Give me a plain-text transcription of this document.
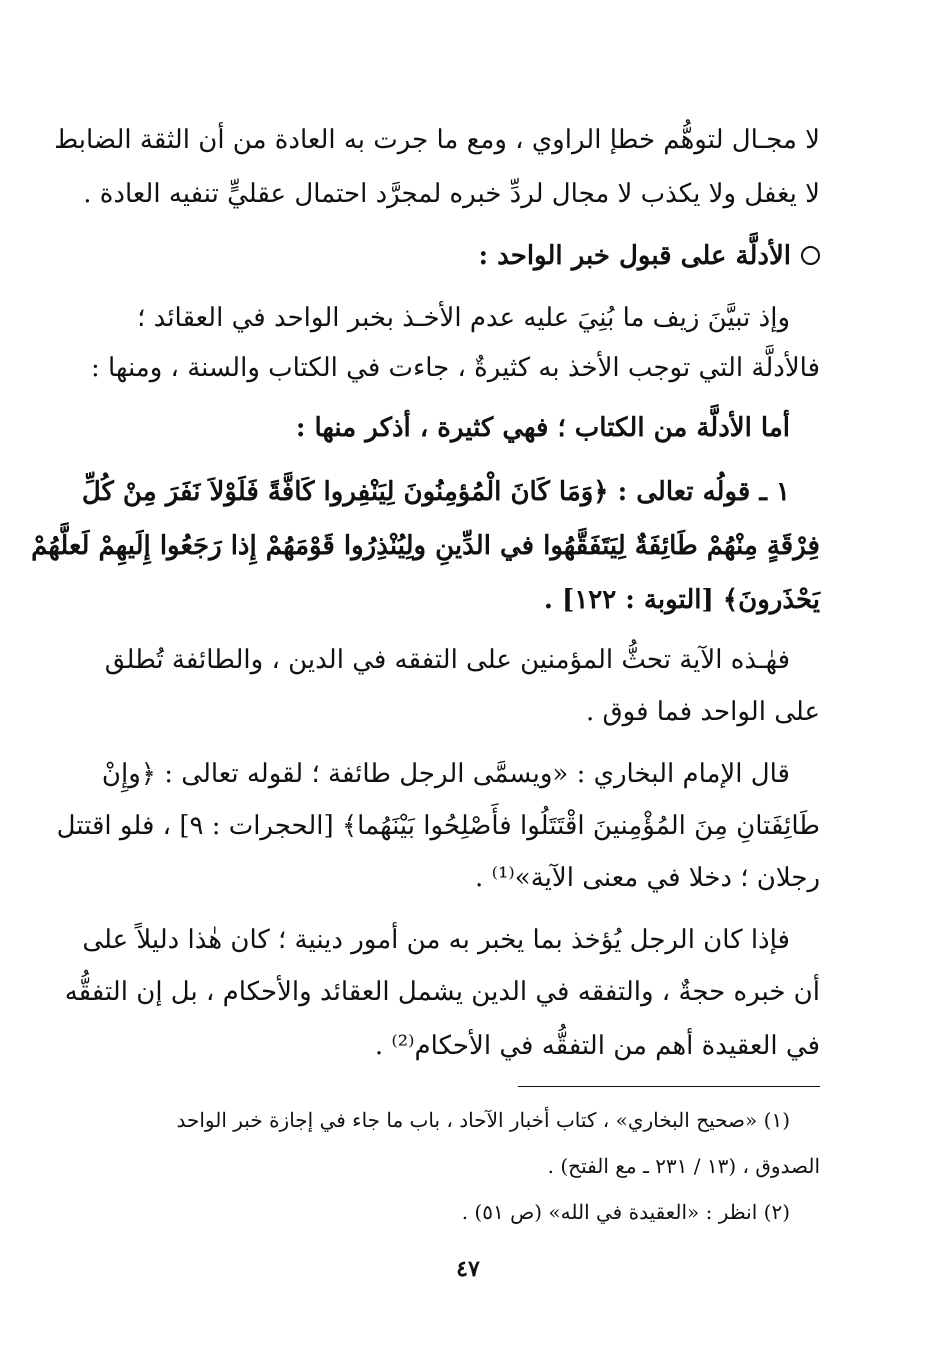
لا مجـال لتوهُّم خطإ الراوي ، ومع ما جرت به العادة من أن الثقة الضابط
لا يغفل ولا يكذب لا مجال لردِّ خبره لمجرَّد احتمال عقليٍّ تنفيه العادة .
الأدلَّة على قبول خبر الواحد :
وإذ تبيَّنَ زيف ما بُنِيَ عليه عدم الأخـذ بخبر الواحد في العقائد ؛
فالأدلَّة التي توجب الأخذ به كثيرةٌ ، جاءت في الكتاب والسنة ، ومنها :
أما الأدلَّة من الكتاب ؛ فهي كثيرة ، أذكر منها :
١ ـ قولُه تعالى : ﴿وَمَا كَانَ الْمُؤمِنُونَ لِيَنْفِروا كَافَّةً فَلَوْلاَ نَفَرَ مِنْ كُلِّ
فِرْقَةٍ مِنْهُمْ طَائِفَةٌ لِيَتَفَقَّهُوا في الدِّينِ ولِيُنْذِرُوا قَوْمَهُمْ إِذا رَجَعُوا إِلَيهِمْ لَعلَّهُمْ
يَحْذَرونَ﴾ [التوبة : ١٢٢] .
فهٰـذه الآية تحثُّ المؤمنين على التفقه في الدين ، والطائفة تُطلق
على الواحد فما فوق .
قال الإمام البخاري : «ويسمَّى الرجل طائفة ؛ لقوله تعالى : ﴿وإِنْ
طَائِفَتانِ مِنَ المُؤْمِنينَ اقْتَتَلُوا فأَصْلِحُوا بَيْنَهُما﴾ [الحجرات : ٩] ، فلو اقتتل
رجلان ؛ دخلا في معنى الآية»⁽¹⁾ .
فإذا كان الرجل يُؤخذ بما يخبر به من أمور دينية ؛ كان هٰذا دليلاً على
أن خبره حجةٌ ، والتفقه في الدين يشمل العقائد والأحكام ، بل إن التفقُّه
في العقيدة أهم من التفقُّه في الأحكام⁽²⁾ .
(١) «صحيح البخاري» ، كتاب أخبار الآحاد ، باب ما جاء في إجازة خبر الواحد
الصدوق ، (١٣ / ٢٣١ ـ مع الفتح) .
(٢) انظر : «العقيدة في الله» (ص ٥١) .
٤٧
